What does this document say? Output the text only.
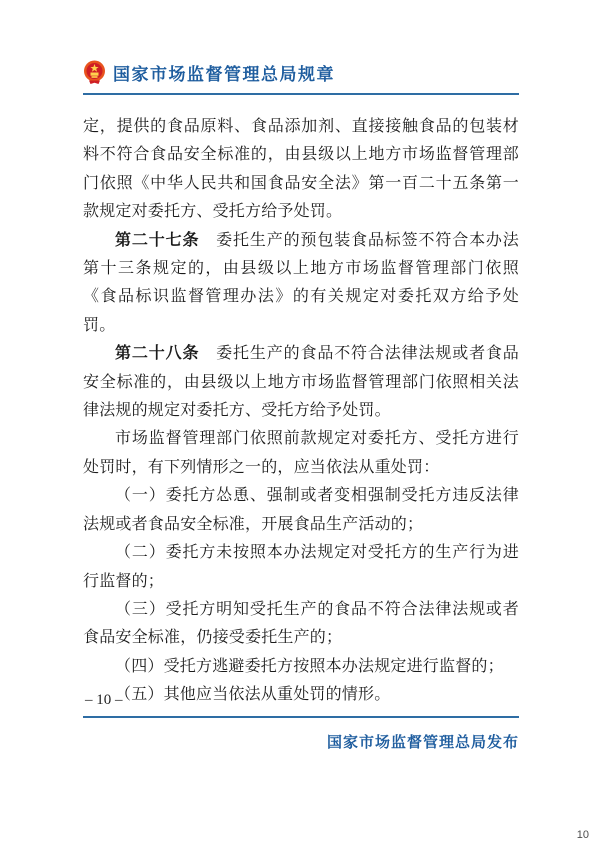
国家市场监督管理总局规章

定，提供的食品原料、食品添加剂、直接接触食品的包装材料不符合食品安全标准的，由县级以上地方市场监督管理部门依照《中华人民共和国食品安全法》第一百二十五条第一款规定对委托方、受托方给予处罚。

第二十七条　委托生产的预包装食品标签不符合本办法第十三条规定的，由县级以上地方市场监督管理部门依照《食品标识监督管理办法》的有关规定对委托双方给予处罚。

第二十八条　委托生产的食品不符合法律法规或者食品安全标准的，由县级以上地方市场监督管理部门依照相关法律法规的规定对委托方、受托方给予处罚。

市场监督管理部门依照前款规定对委托方、受托方进行处罚时，有下列情形之一的，应当依法从重处罚：

（一）委托方怂恿、强制或者变相强制受托方违反法律法规或者食品安全标准，开展食品生产活动的；

（二）委托方未按照本办法规定对受托方的生产行为进行监督的；

（三）受托方明知受托生产的食品不符合法律法规或者食品安全标准，仍接受委托生产的；

（四）受托方逃避委托方按照本办法规定进行监督的；

（五）其他应当依法从重处罚的情形。

– 10 –
国家市场监督管理总局发布
10
